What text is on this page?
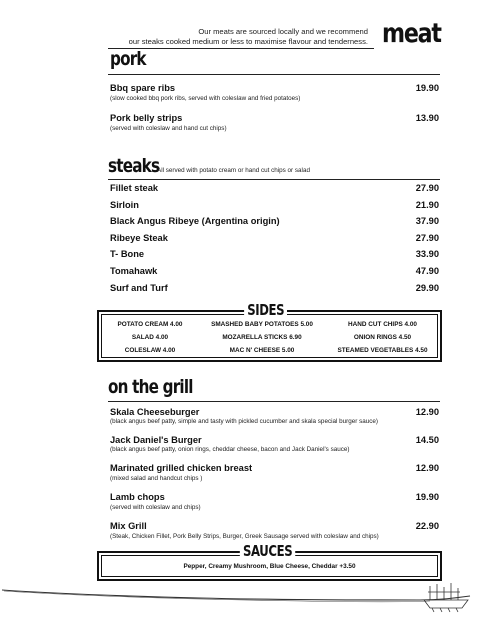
Our meats are sourced locally and we recommend
our steaks cooked medium or less to maximise flavour and tenderness. meat
pork
Bbq spare ribs	19.90
(slow cooked bbq pork ribs, served with coleslaw and fried potatoes)
Pork belly strips	13.90
(served with coleslaw and hand cut chips)
steaks
All served with potato cream or hand cut chips or salad
Fillet steak	27.90
Sirloin	21.90
Black Angus Ribeye (Argentina origin)	37.90
Ribeye Steak	27.90
T- Bone	33.90
Tomahawk	47.90
Surf and Turf	29.90
SIDES
POTATO CREAM 4.00	SMASHED BABY POTATOES 5.00	HAND CUT CHIPS 4.00
SALAD 4.00	MOZARELLA STICKS 6.90	ONION RINGS 4.50
COLESLAW 4.00	MAC N' CHEESE 5.00	STEAMED VEGETABLES 4.50
on the grill
Skala Cheeseburger	12.90
(black angus beef patty, simple and tasty with pickled cucumber and skala special burger sauce)
Jack Daniel's Burger	14.50
(black angus beef patty, onion rings, cheddar cheese, bacon and Jack Daniel's sauce)
Marinated grilled chicken breast	12.90
(mixed salad and handcut chips )
Lamb chops	19.90
(served with coleslaw and chips)
Mix Grill	22.90
(Steak, Chicken Fillet, Pork Belly Strips, Burger, Greek Sausage served with coleslaw and chips)
SAUCES
Pepper, Creamy Mushroom, Blue Cheese, Cheddar +3.50
